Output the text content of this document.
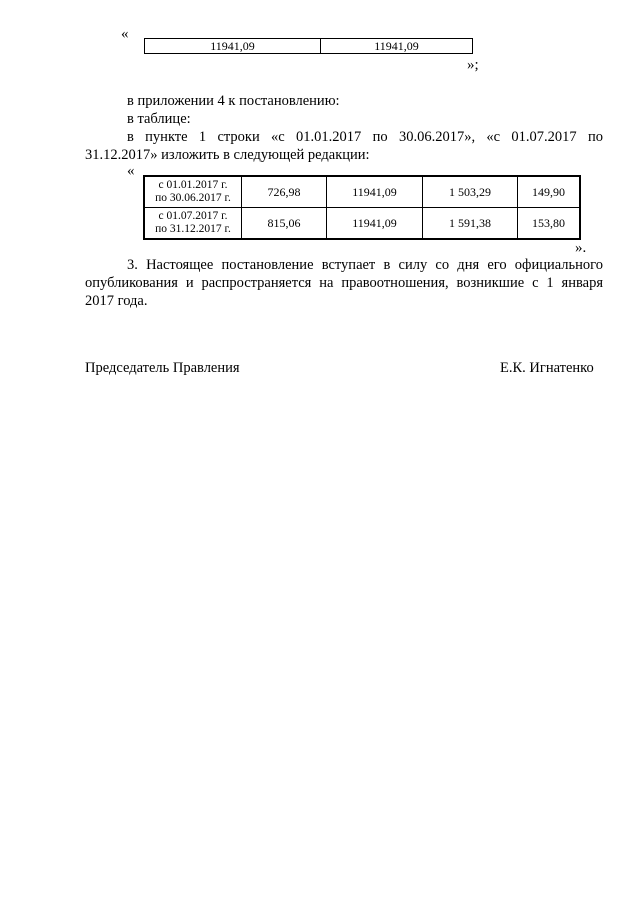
«
11941,09	11941,09
»;
в приложении 4 к постановлению:
в таблице:
в пункте 1 строки «с 01.01.2017 по 30.06.2017», «с 01.07.2017 по
31.12.2017» изложить в следующей редакции:
«
с 01.01.2017 г.
по 30.06.2017 г.	726,98	11941,09	1 503,29	149,90

с 01.07.2017 г.
по 31.12.2017 г.	815,06	11941,09	1 591,38	153,80
».
3. Настоящее постановление вступает в силу со дня его официального
опубликования и распространяется на правоотношения, возникшие с 1 января
2017 года.
Председатель Правления	Е.К. Игнатенко
